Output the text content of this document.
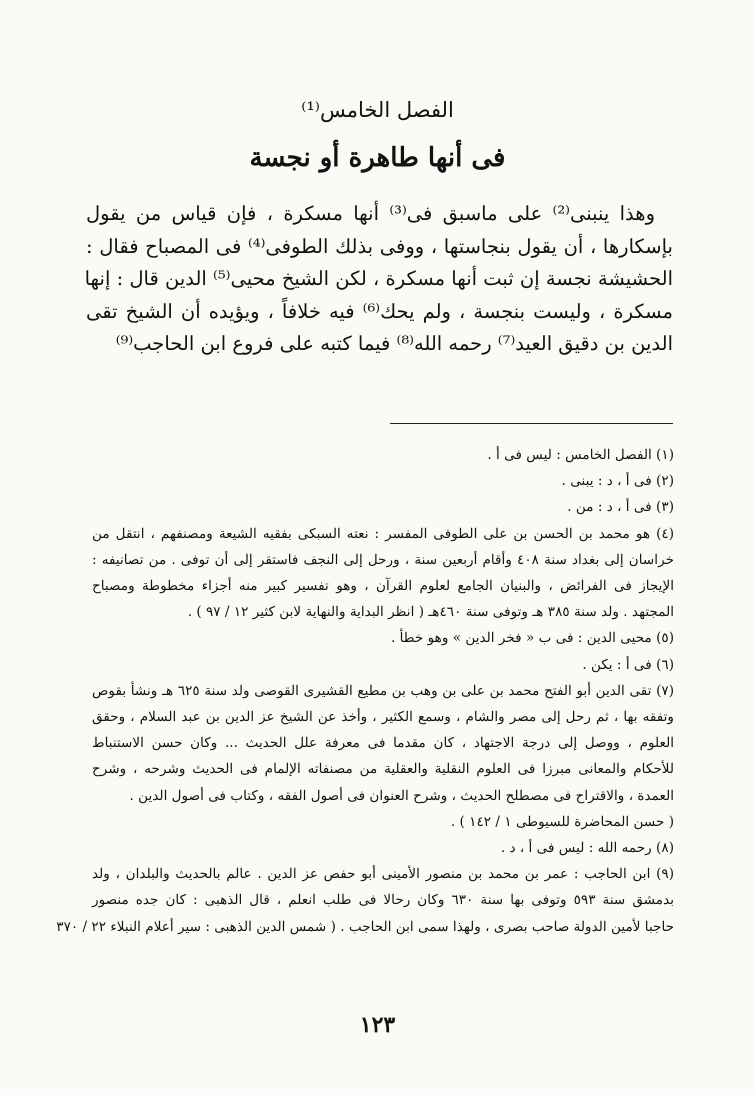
الفصل الخامس⁽¹⁾
فى أنها طاهرة أو نجسة
وهذا ينبنى⁽²⁾ على ماسبق فى⁽³⁾ أنها مسكرة ، فإن قياس من يقول
بإسكارها ، أن يقول بنجاستها ، ووفى بذلك الطوفى⁽⁴⁾ فى المصباح فقال :
الحشيشة نجسة إن ثبت أنها مسكرة ، لكن الشيخ محيى⁽⁵⁾ الدين قال : إنها
مسكرة ، وليست بنجسة ، ولم يحك⁽⁶⁾ فيه خلافاً ، ويؤيده أن الشيخ تقى
الدين بن دقيق العيد⁽⁷⁾ رحمه الله⁽⁸⁾ فيما كتبه على فروع ابن الحاجب⁽⁹⁾
(١) الفصل الخامس : ليس فى أ .
(٢) فى أ ، د : يبنى .
(٣) فى أ ، د : من .
(٤) هو محمد بن الحسن بن على الطوفى المفسر : نعته السبكى بفقيه الشيعة ومصنفهم ، انتقل من
خراسان إلى بغداد سنة ٤٠٨ وأقام أربعين سنة ، ورحل إلى النجف فاستقر إلى أن توفى . من تصانيفه :
الإيجاز فى الفرائض ، والبنيان الجامع لعلوم القرآن ، وهو تفسير كبير منه أجزاء مخطوطة ومصباح
المجتهد . ولد سنة ٣٨٥ هـ وتوفى سنة ٤٦٠هـ ( انظر البداية والنهاية لابن كثير ١٢ / ٩٧ ) .
(٥) محيى الدين : فى ب « فخر الدين » وهو خطأ .
(٦) فى أ : يكن .
(٧) تقى الدين أبو الفتح محمد بن على بن وهب بن مطيع القشيرى القوصى ولد سنة ٦٢٥ هـ ونشأ بقوص
وتفقه بها ، ثم رحل إلى مصر والشام ، وسمع الكثير ، وأخذ عن الشيخ عز الدين بن عبد السلام ، وحقق
العلوم ، ووصل إلى درجة الاجتهاد ، كان مقدما فى معرفة علل الحديث ... وكان حسن الاستنباط
للأحكام والمعانى مبرزا فى العلوم النقلية والعقلية من مصنفاته الإلمام فى الحديث وشرحه ، وشرح
العمدة ، والاقتراح فى مصطلح الحديث ، وشرح العنوان فى أصول الفقه ، وكتاب فى أصول الدين .
( حسن المحاضرة للسيوطى ١ / ١٤٢ ) .
(٨) رحمه الله : ليس فى أ ، د .
(٩) ابن الحاجب : عمر بن محمد بن منصور الأمينى أبو حفص عز الدين . عالم بالحديث والبلدان ، ولد
بدمشق سنة ٥٩٣ وتوفى بها سنة ٦٣٠ وكان رحالا فى طلب انعلم ، قال الذهبى : كان جده منصور
حاجبا لأمين الدولة صاحب بصرى ، ولهذا سمى ابن الحاجب . ( شمس الدين الذهبى : سير أعلام النبلاء ٢٢ / ٣٧٠
١٢٣
